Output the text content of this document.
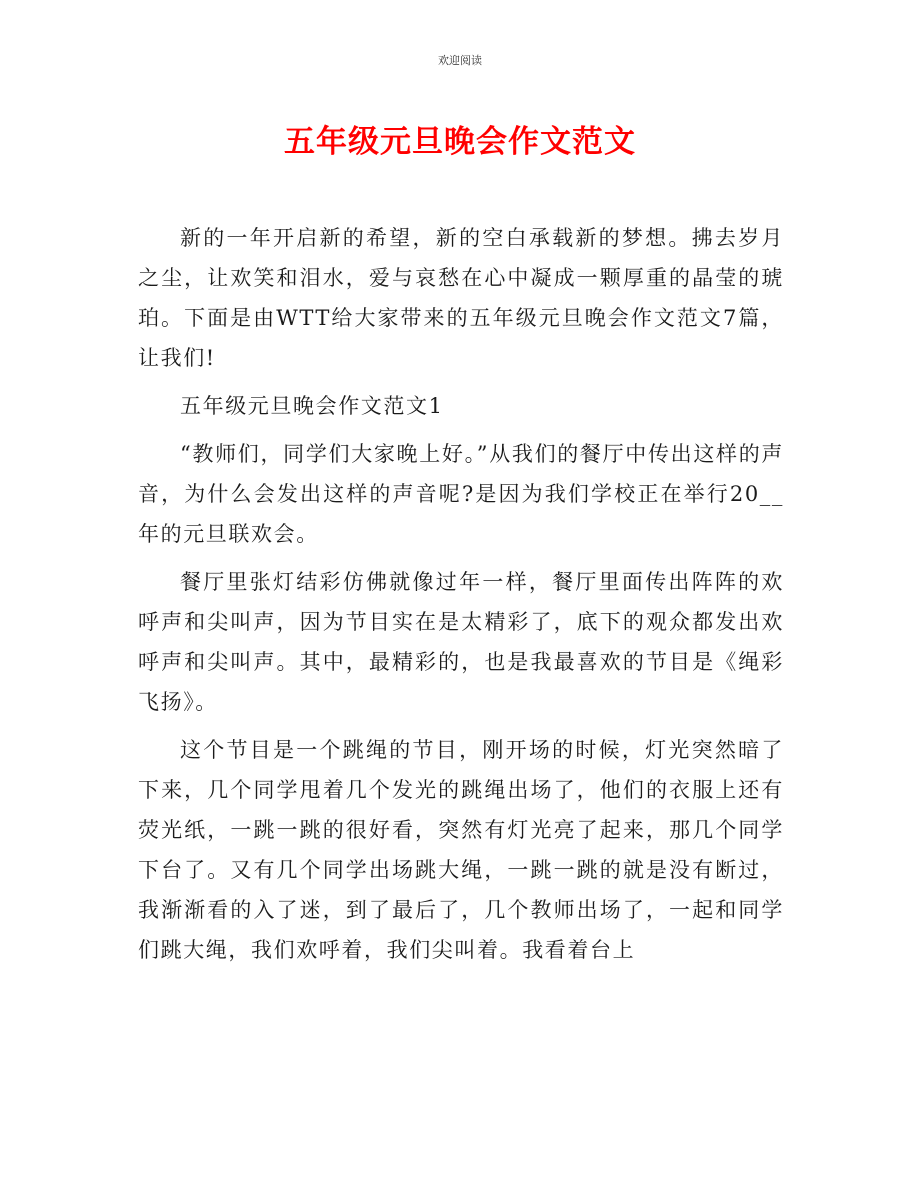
欢迎阅读
五年级元旦晚会作文范文

新的一年开启新的希望，新的空白承载新的梦想。拂去岁月之尘，让欢笑和泪水，爱与哀愁在心中凝成一颗厚重的晶莹的琥珀。下面是由WTT给大家带来的五年级元旦晚会作文范文7篇，让我们!

五年级元旦晚会作文范文1

“教师们，同学们大家晚上好。”从我们的餐厅中传出这样的声音，为什么会发出这样的声音呢?是因为我们学校正在举行20__年的元旦联欢会。

餐厅里张灯结彩仿佛就像过年一样，餐厅里面传出阵阵的欢呼声和尖叫声，因为节目实在是太精彩了，底下的观众都发出欢呼声和尖叫声。其中，最精彩的，也是我最喜欢的节目是《绳彩飞扬》。

这个节目是一个跳绳的节目，刚开场的时候，灯光突然暗了下来，几个同学甩着几个发光的跳绳出场了，他们的衣服上还有荧光纸，一跳一跳的很好看，突然有灯光亮了起来，那几个同学下台了。又有几个同学出场跳大绳，一跳一跳的就是没有断过，我渐渐看的入了迷，到了最后了，几个教师出场了，一起和同学们跳大绳，我们欢呼着，我们尖叫着。我看着台上
